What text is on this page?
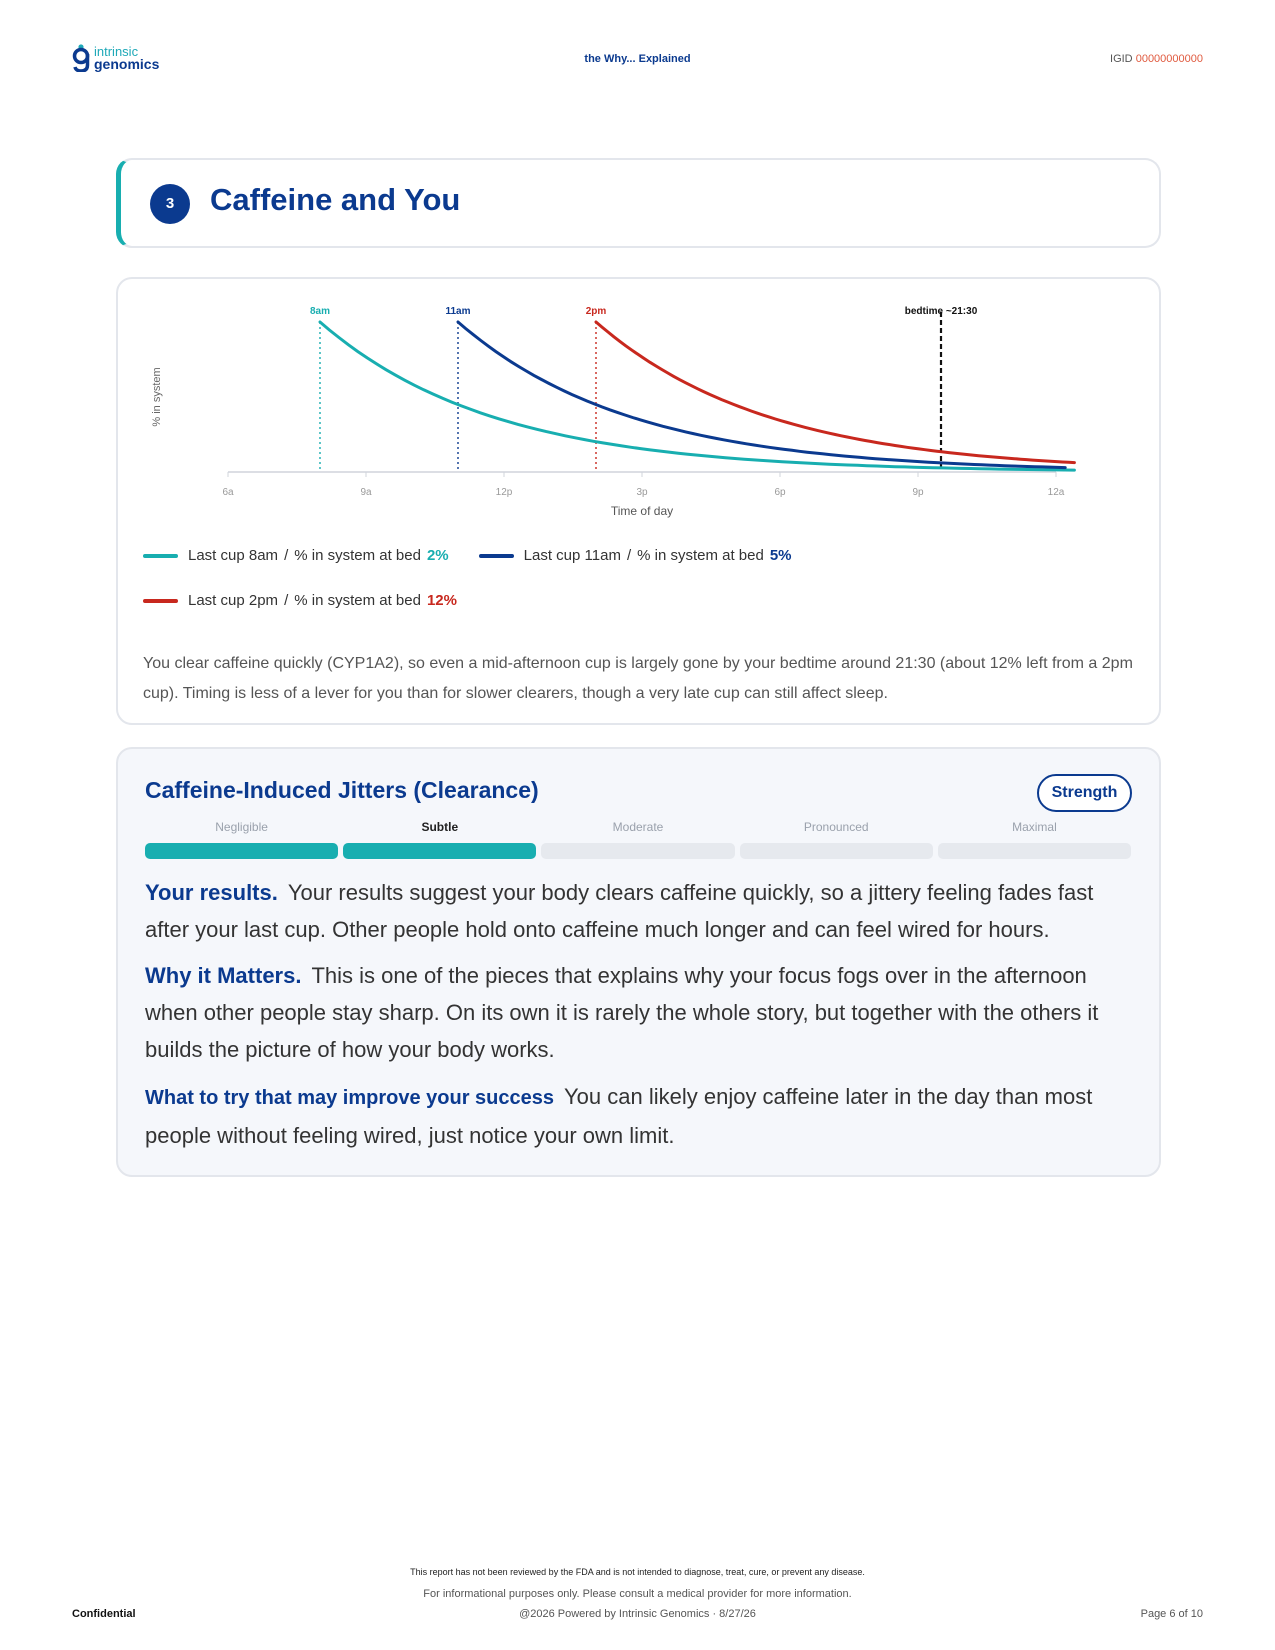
intrinsic
genomics	the Why... Explained	IGID 00000000000
3	Caffeine and You
6a	9a	12p	3p	6p	9p	12a
Time of day
% in system
8am	11am	2pm	bedtime ~21:30
Last cup 8am / % in system at bed 2%	Last cup 11am / % in system at bed 5%
Last cup 2pm / % in system at bed 12%
You clear caffeine quickly (CYP1A2), so even a mid-afternoon cup is largely gone by your bedtime around 21:30 (about 12% left from a 2pm cup). Timing is less of a lever for you than for slower clearers, though a very late cup can still affect sleep.
Caffeine-Induced Jitters (Clearance)	Strength
Negligible	Subtle	Moderate	Pronounced	Maximal
Your results. Your results suggest your body clears caffeine quickly, so a jittery feeling fades fast after your last cup. Other people hold onto caffeine much longer and can feel wired for hours.
Why it Matters. This is one of the pieces that explains why your focus fogs over in the afternoon when other people stay sharp. On its own it is rarely the whole story, but together with the others it builds the picture of how your body works.
What to try that may improve your success You can likely enjoy caffeine later in the day than most people without feeling wired, just notice your own limit.
This report has not been reviewed by the FDA and is not intended to diagnose, treat, cure, or prevent any disease.
For informational purposes only. Please consult a medical provider for more information.
@2026 Powered by Intrinsic Genomics · 8/27/26
Confidential	Page 6 of 10
